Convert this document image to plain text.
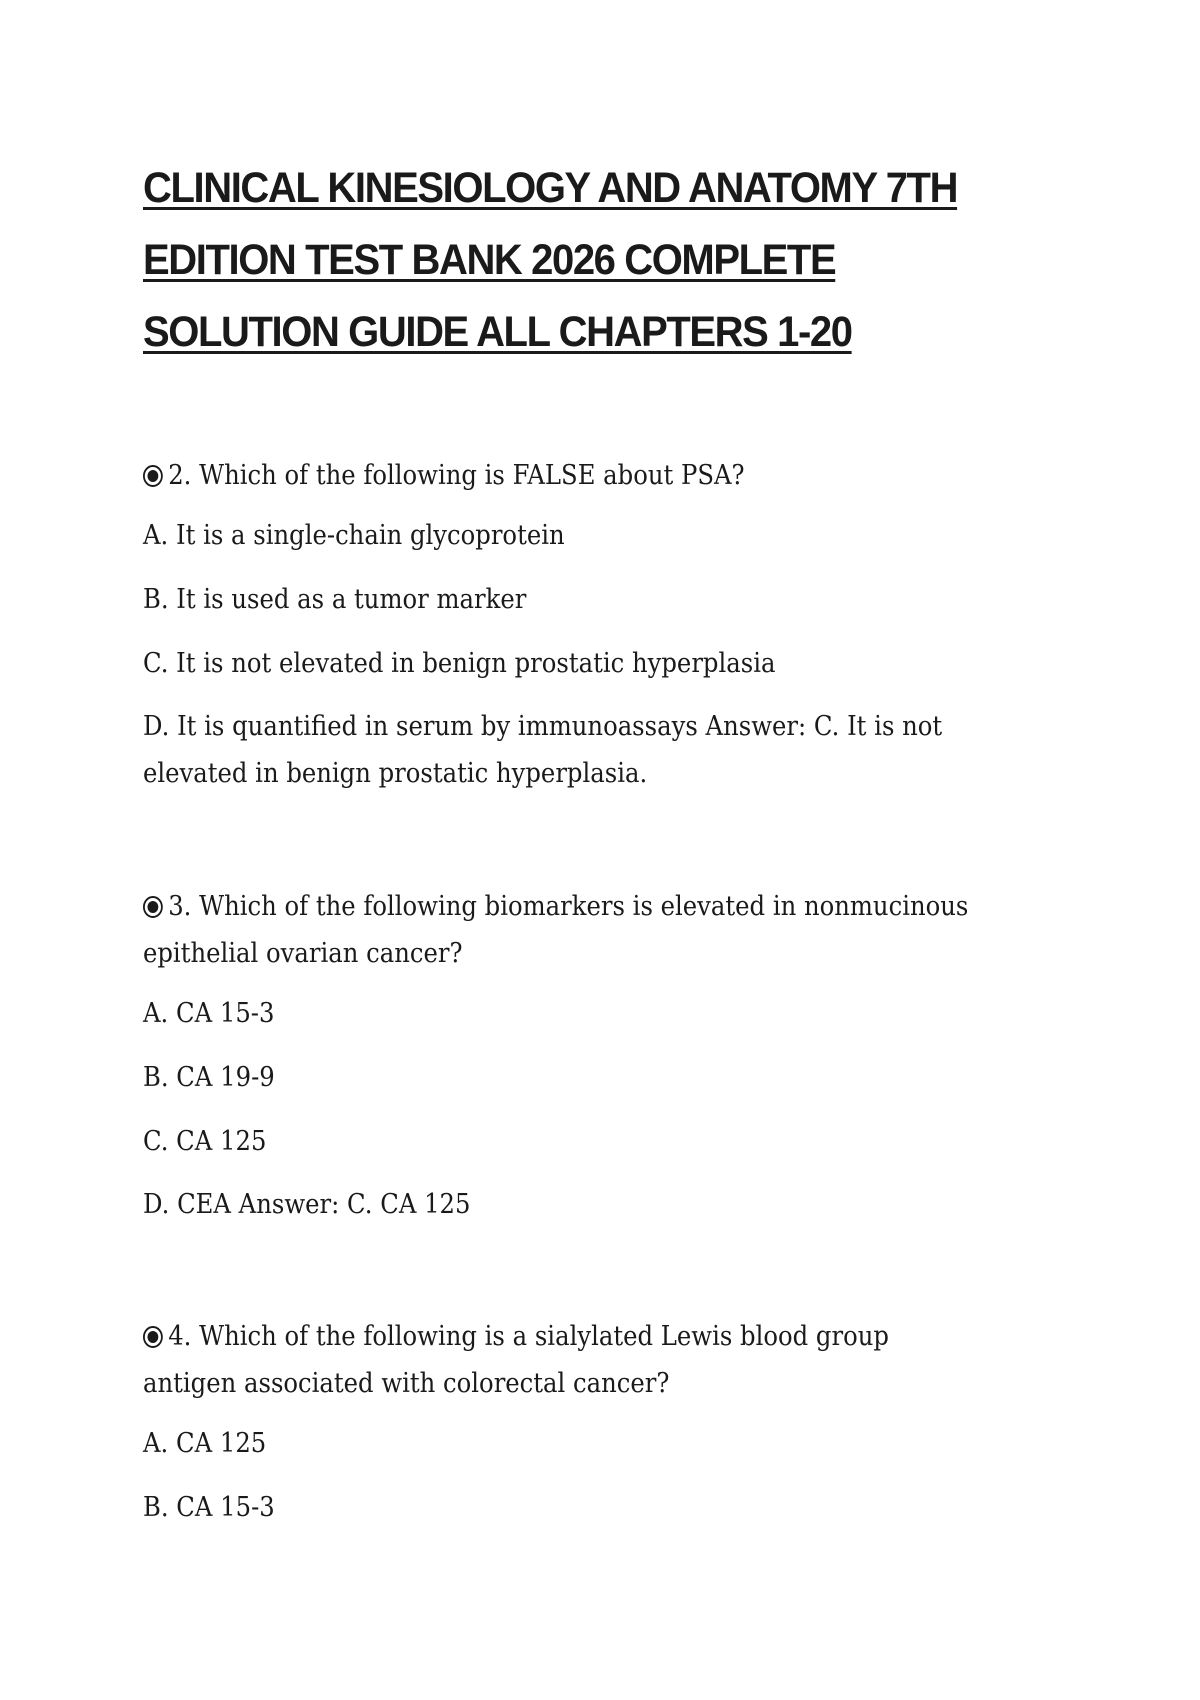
CLINICAL KINESIOLOGY AND ANATOMY 7TH EDITION TEST BANK 2026 COMPLETE SOLUTION GUIDE ALL CHAPTERS 1-20

2. Which of the following is FALSE about PSA?

A. It is a single-chain glycoprotein

B. It is used as a tumor marker

C. It is not elevated in benign prostatic hyperplasia

D. It is quantified in serum by immunoassays Answer: C. It is not elevated in benign prostatic hyperplasia.

3. Which of the following biomarkers is elevated in nonmucinous epithelial ovarian cancer?

A. CA 15-3

B. CA 19-9

C. CA 125

D. CEA Answer: C. CA 125

4. Which of the following is a sialylated Lewis blood group antigen associated with colorectal cancer?

A. CA 125

B. CA 15-3
